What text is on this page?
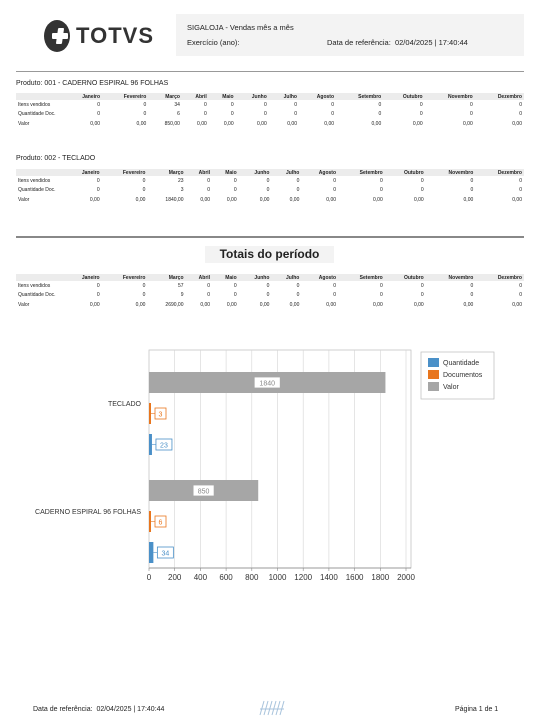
TOTVS	SIGALOJA - Vendas mês a mês
Exercício (ano):	Data de referência: 02/04/2025 | 17:40:44
Produto: 001 - CADERNO ESPIRAL 96 FOLHAS
	Janeiro	Fevereiro	Março	Abril	Maio	Junho	Julho	Agosto	Setembro	Outubro	Novembro	Dezembro
Itens vendidos	0	0	34	0	0	0	0	0	0	0	0	0
Quantidade Doc.	0	0	6	0	0	0	0	0	0	0	0	0
Valor	0,00	0,00	850,00	0,00	0,00	0,00	0,00	0,00	0,00	0,00	0,00	0,00
Produto: 002 - TECLADO
	Janeiro	Fevereiro	Março	Abril	Maio	Junho	Julho	Agosto	Setembro	Outubro	Novembro	Dezembro
Itens vendidos	0	0	23	0	0	0	0	0	0	0	0	0
Quantidade Doc.	0	0	3	0	0	0	0	0	0	0	0	0
Valor	0,00	0,00	1840,00	0,00	0,00	0,00	0,00	0,00	0,00	0,00	0,00	0,00
Totais do período
	Janeiro	Fevereiro	Março	Abril	Maio	Junho	Julho	Agosto	Setembro	Outubro	Novembro	Dezembro
Itens vendidos	0	0	57	0	0	0	0	0	0	0	0	0
Quantidade Doc.	0	0	9	0	0	0	0	0	0	0	0	0
Valor	0,00	0,00	2690,00	0,00	0,00	0,00	0,00	0,00	0,00	0,00	0,00	0,00
0 200 400 600 800 1000 1200 1400 1600 1800 2000
CADERNO ESPIRAL 96 FOLHAS
850
6
34
TECLADO
1840
3
23
Quantidade
Documentos
Valor
Data de referência: 02/04/2025 | 17:40:44	Página 1 de 1
